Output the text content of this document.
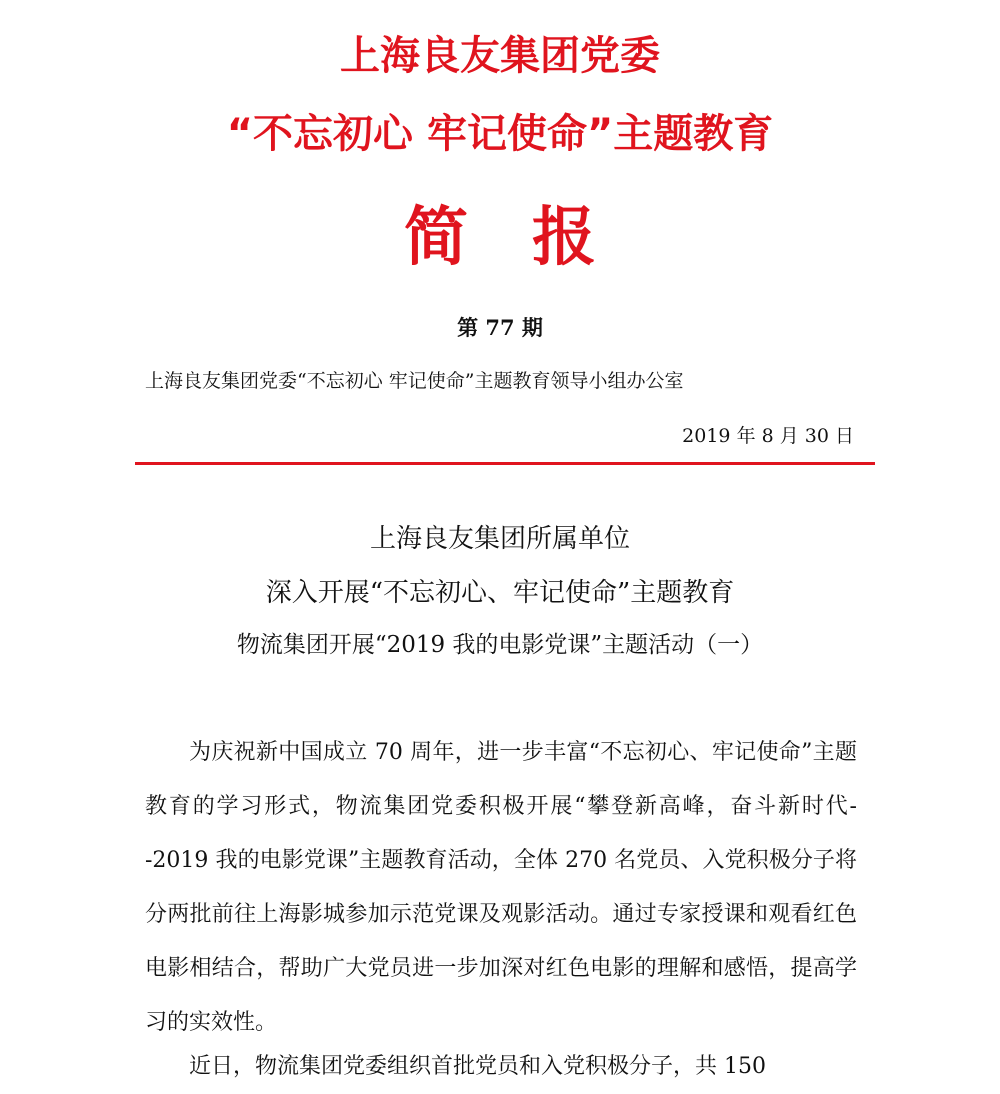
上海良友集团党委
“不忘初心 牢记使命”主题教育
简 报
第 77 期
上海良友集团党委“不忘初心 牢记使命”主题教育领导小组办公室
2019 年 8 月 30 日
上海良友集团所属单位
深入开展“不忘初心、牢记使命”主题教育
物流集团开展“2019 我的电影党课”主题活动（一）

为庆祝新中国成立 70 周年，进一步丰富“不忘初心、牢记使命”主题教育的学习形式，物流集团党委积极开展“攀登新高峰，奋斗新时代--2019 我的电影党课”主题教育活动，全体 270 名党员、入党积极分子将分两批前往上海影城参加示范党课及观影活动。通过专家授课和观看红色电影相结合，帮助广大党员进一步加深对红色电影的理解和感悟，提高学习的实效性。

近日，物流集团党委组织首批党员和入党积极分子，共 150
